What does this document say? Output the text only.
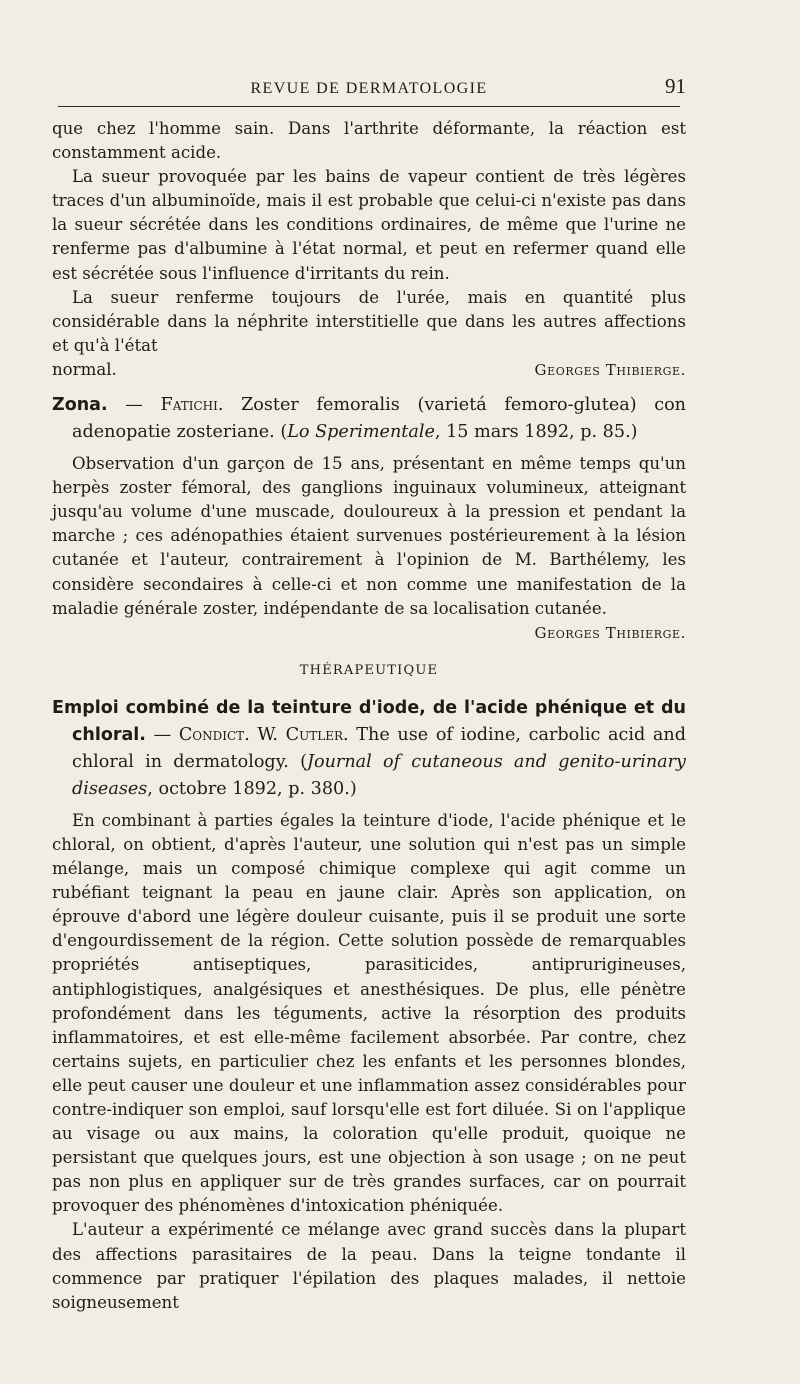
REVUE DE DERMATOLOGIE	91

que chez l'homme sain. Dans l'arthrite déformante, la réaction est constamment acide.

La sueur provoquée par les bains de vapeur contient de très légères traces d'un albuminoïde, mais il est probable que celui-ci n'existe pas dans la sueur sécrétée dans les conditions ordinaires, de même que l'urine ne renferme pas d'albumine à l'état normal, et peut en refermer quand elle est sécrétée sous l'influence d'irritants du rein.

La sueur renferme toujours de l'urée, mais en quantité plus considérable dans la néphrite interstitielle que dans les autres affections et qu'à l'état

normal.	Georges Thibierge.

Zona. — Fatichi. Zoster femoralis (varietá femoro-glutea) con adenopatie zosteriane. (Lo Sperimentale, 15 mars 1892, p. 85.)

Observation d'un garçon de 15 ans, présentant en même temps qu'un herpès zoster fémoral, des ganglions inguinaux volumineux, atteignant jusqu'au volume d'une muscade, douloureux à la pression et pendant la marche ; ces adénopathies étaient survenues postérieurement à la lésion cutanée et l'auteur, contrairement à l'opinion de M. Barthélemy, les considère secondaires à celle-ci et non comme une manifestation de la maladie générale zoster, indépendante de sa localisation cutanée.

Georges Thibierge.
THÉRAPEUTIQUE

Emploi combiné de la teinture d'iode, de l'acide phénique et du chloral. — Condict. W. Cutler. The use of iodine, carbolic acid and chloral in dermatology. (Journal of cutaneous and genito-urinary diseases, octobre 1892, p. 380.)

En combinant à parties égales la teinture d'iode, l'acide phénique et le chloral, on obtient, d'après l'auteur, une solution qui n'est pas un simple mélange, mais un composé chimique complexe qui agit comme un rubéfiant teignant la peau en jaune clair. Après son application, on éprouve d'abord une légère douleur cuisante, puis il se produit une sorte d'engourdissement de la région. Cette solution possède de remarquables propriétés antiseptiques, parasiticides, antiprurigineuses, antiphlogistiques, analgésiques et anesthésiques. De plus, elle pénètre profondément dans les téguments, active la résorption des produits inflammatoires, et est elle-même facilement absorbée. Par contre, chez certains sujets, en particulier chez les enfants et les personnes blondes, elle peut causer une douleur et une inflammation assez considérables pour contre-indiquer son emploi, sauf lorsqu'elle est fort diluée. Si on l'applique au visage ou aux mains, la coloration qu'elle produit, quoique ne persistant que quelques jours, est une objection à son usage ; on ne peut pas non plus en appliquer sur de très grandes surfaces, car on pourrait provoquer des phénomènes d'intoxication phéniquée.

L'auteur a expérimenté ce mélange avec grand succès dans la plupart des affections parasitaires de la peau. Dans la teigne tondante il commence par pratiquer l'épilation des plaques malades, il nettoie soigneusement
